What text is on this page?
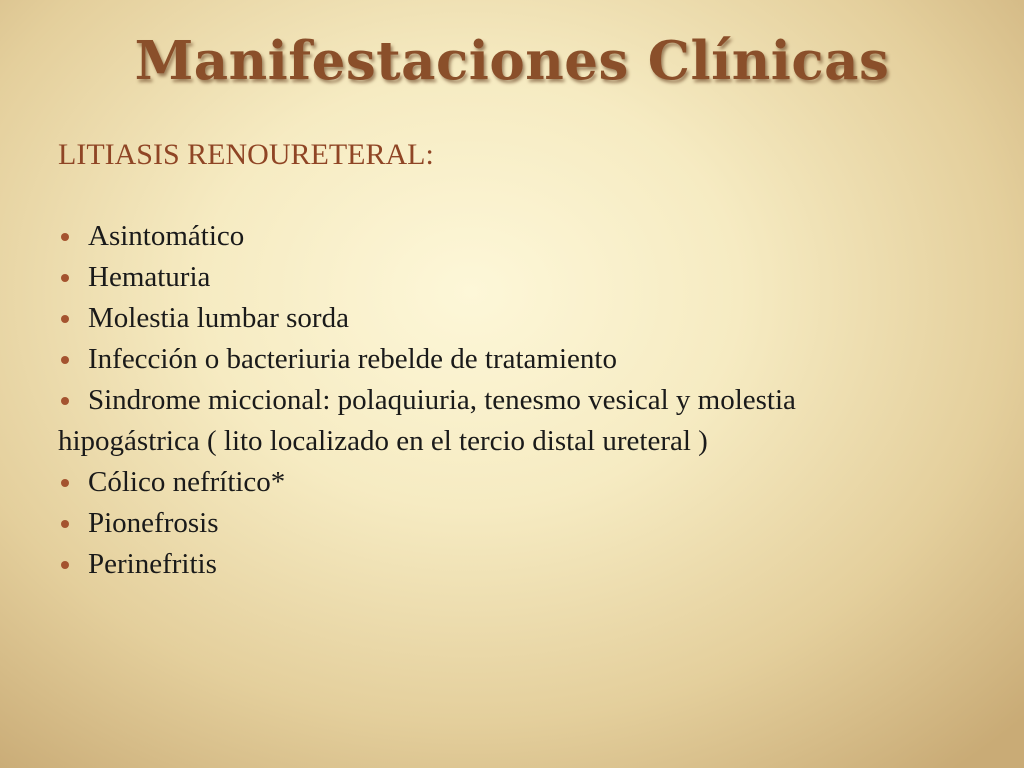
Manifestaciones Clínicas
LITIASIS RENOURETERAL:
Asintomático
Hematuria
Molestia lumbar sorda
Infección o bacteriuria rebelde de tratamiento
Sindrome miccional: polaquiuria, tenesmo vesical y molestia hipogástrica ( lito localizado en el tercio distal ureteral )
Cólico nefrítico*
Pionefrosis
Perinefritis
